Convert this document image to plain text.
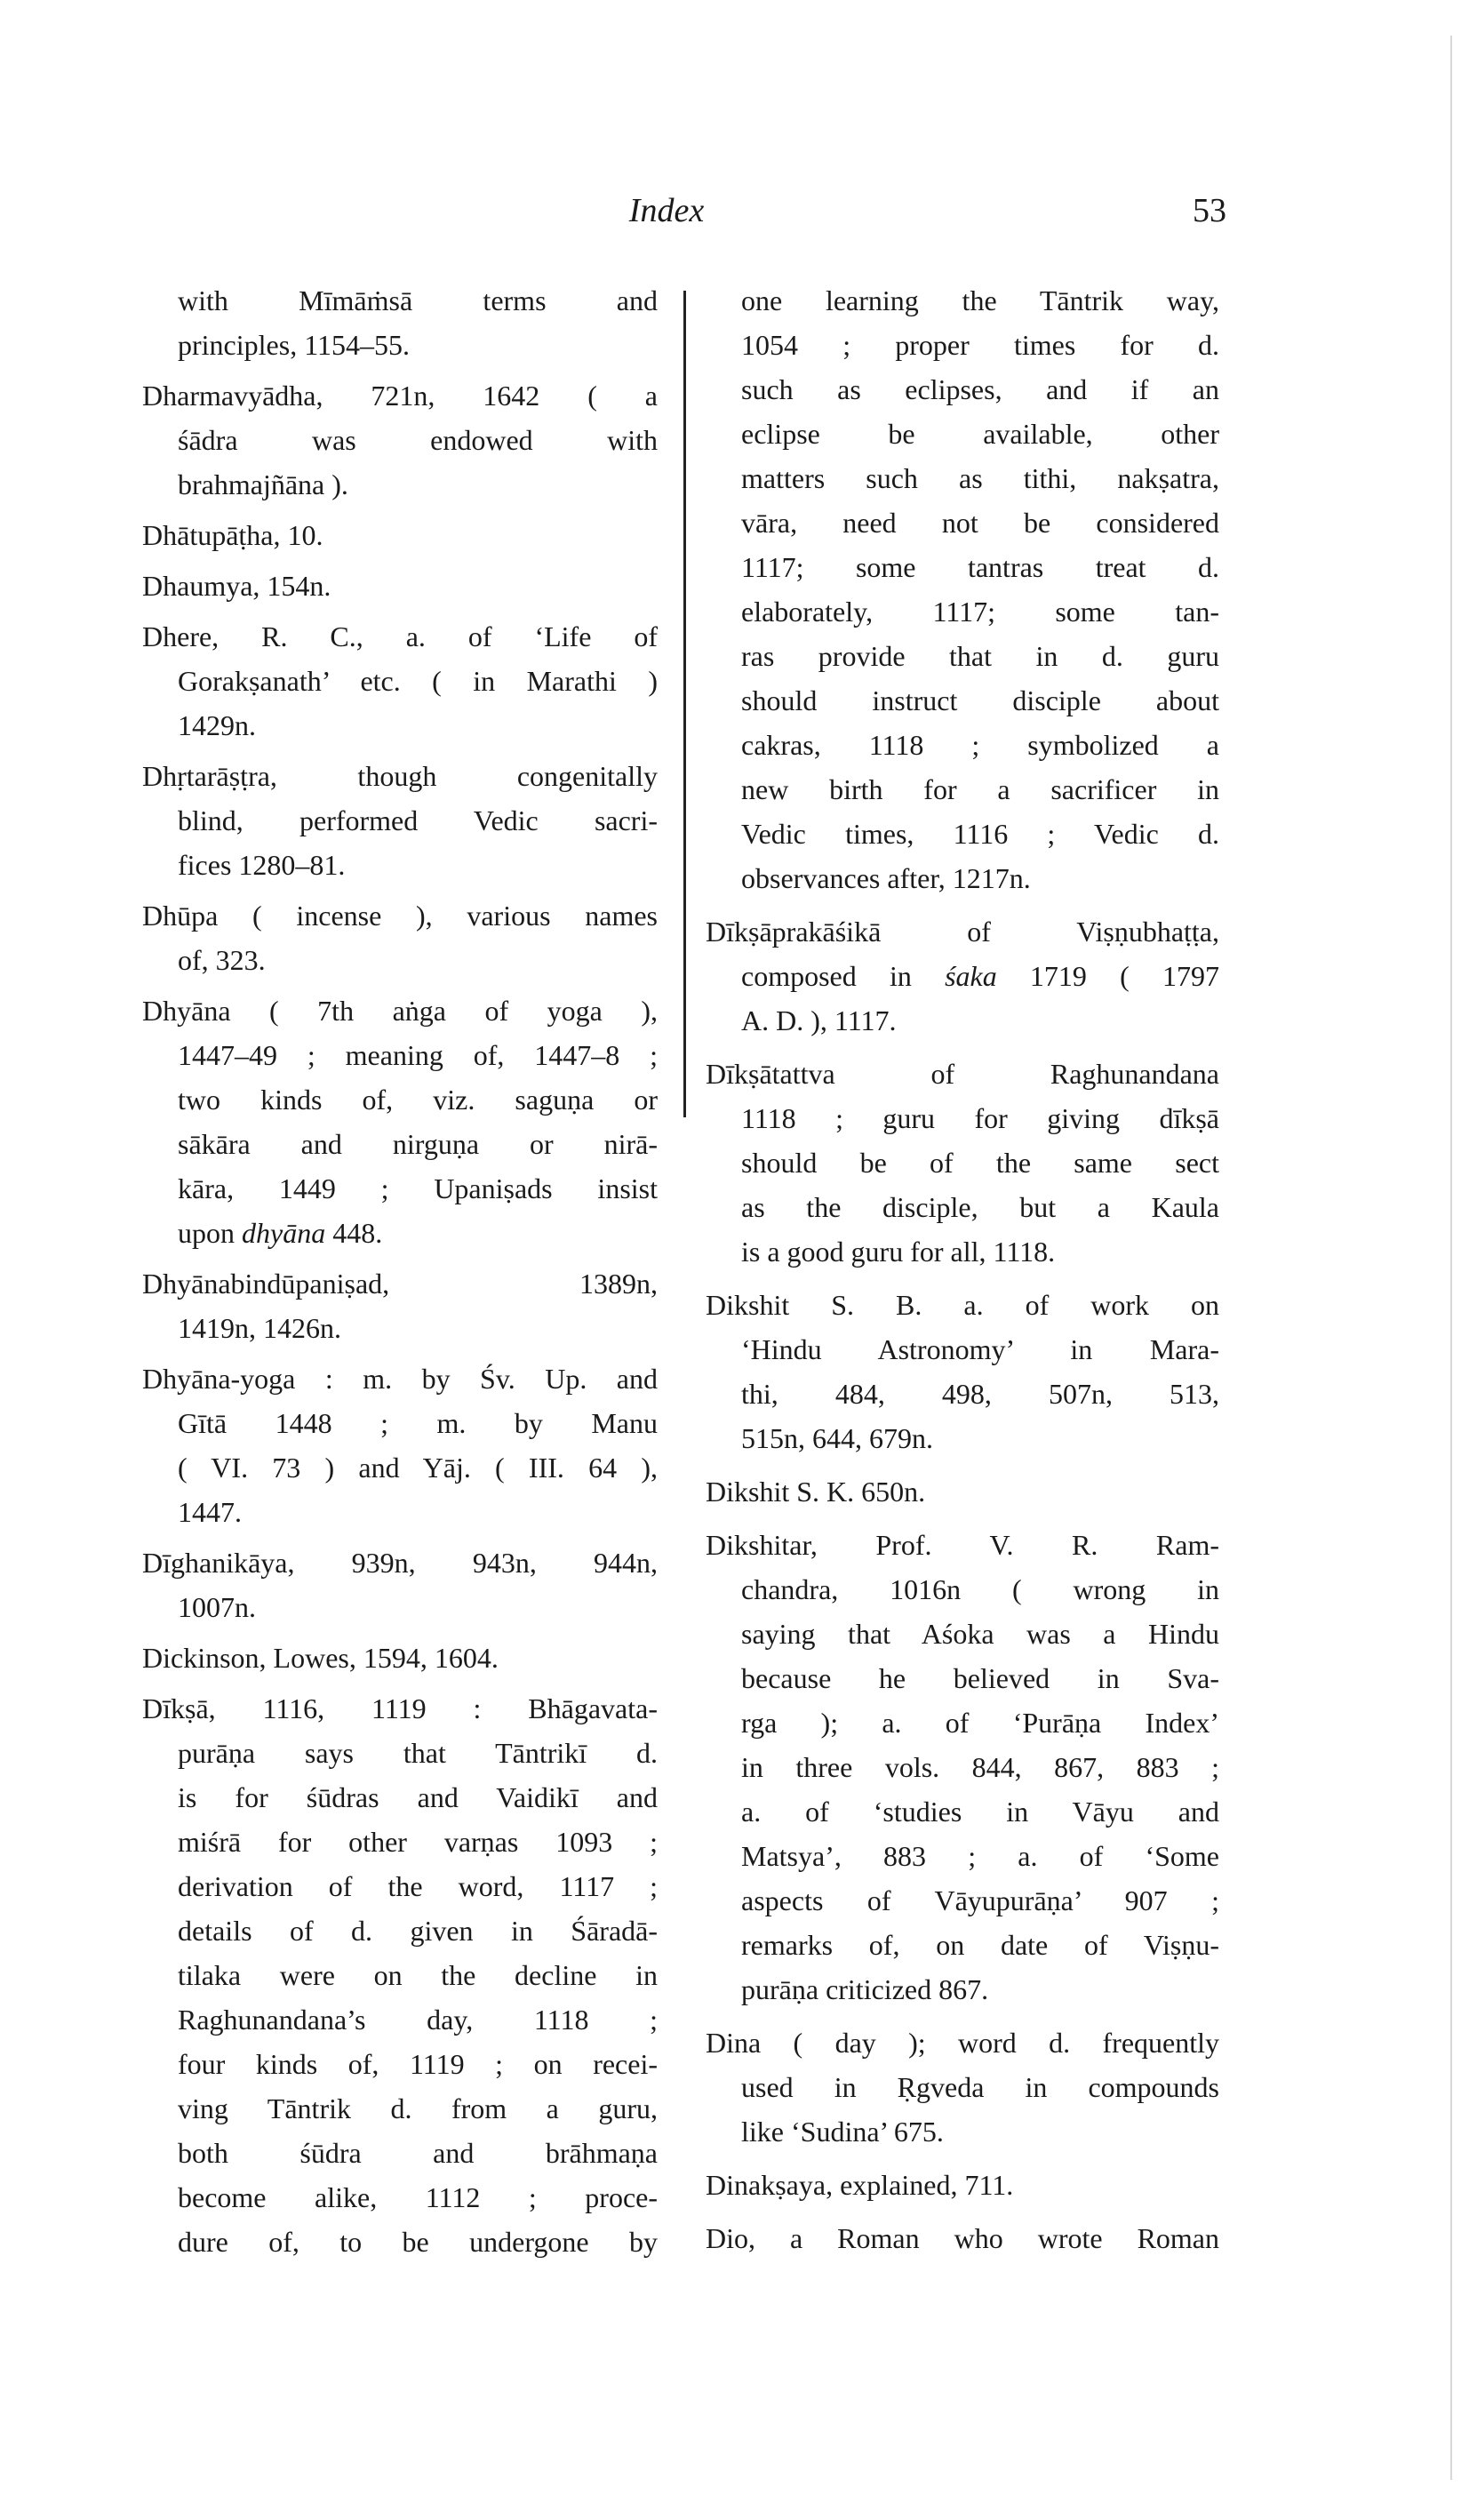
Index	53
with Mīmāṁsā terms and
principles, 1154–55.
Dharmavyādha, 721n, 1642 ( a
śādra was endowed with
brahmajñāna ).
Dhātupāṭha, 10.
Dhaumya, 154n.
Dhere, R. C., a. of ‘Life of
Gorakṣanath’ etc. ( in Marathi )
1429n.
Dhṛtarāṣṭra, though congenitally
blind, performed Vedic sacri-
fices 1280–81.
Dhūpa ( incense ), various names
of, 323.
Dhyāna ( 7th aṅga of yoga ),
1447–49 ; meaning of, 1447–8 ;
two kinds of, viz. saguṇa or
sākāra and nirguṇa or nirā-
kāra, 1449 ; Upaniṣads insist
upon dhyāna 448.
Dhyānabindūpaniṣad, 1389n,
1419n, 1426n.
Dhyāna-yoga : m. by Śv. Up. and
Gītā 1448 ; m. by Manu
( VI. 73 ) and Yāj. ( III. 64 ),
1447.
Dīghanikāya, 939n, 943n, 944n,
1007n.
Dickinson, Lowes, 1594, 1604.
Dīkṣā, 1116, 1119 : Bhāgavata-
purāṇa says that Tāntrikī d.
is for śūdras and Vaidikī and
miśrā for other varṇas 1093 ;
derivation of the word, 1117 ;
details of d. given in Śāradā-
tilaka were on the decline in
Raghunandana’s day, 1118 ;
four kinds of, 1119 ; on recei-
ving Tāntrik d. from a guru,
both śūdra and brāhmaṇa
become alike, 1112 ; proce-
dure of, to be undergone by
one learning the Tāntrik way,
1054 ; proper times for d.
such as eclipses, and if an
eclipse be available, other
matters such as tithi, nakṣatra,
vāra, need not be considered
1117; some tantras treat d.
elaborately, 1117; some tan-
ras provide that in d. guru
should instruct disciple about
cakras, 1118 ; symbolized a
new birth for a sacrificer in
Vedic times, 1116 ; Vedic d.
observances after, 1217n.
Dīkṣāprakāśikā of Viṣṇubhaṭṭa,
composed in śaka 1719 ( 1797
A. D. ), 1117.
Dīkṣātattva of Raghunandana
1118 ; guru for giving dīkṣā
should be of the same sect
as the disciple, but a Kaula
is a good guru for all, 1118.
Dikshit S. B. a. of work on
‘Hindu Astronomy’ in Mara-
thi, 484, 498, 507n, 513,
515n, 644, 679n.
Dikshit S. K. 650n.
Dikshitar, Prof. V. R. Ram-
chandra, 1016n ( wrong in
saying that Aśoka was a Hindu
because he believed in Sva-
rga ); a. of ‘Purāṇa Index’
in three vols. 844, 867, 883 ;
a. of ‘studies in Vāyu and
Matsya’, 883 ; a. of ‘Some
aspects of Vāyupurāṇa’ 907 ;
remarks of, on date of Viṣṇu-
purāṇa criticized 867.
Dina ( day ); word d. frequently
used in Ṛgveda in compounds
like ‘Sudina’ 675.
Dinakṣaya, explained, 711.
Dio, a Roman who wrote Roman
